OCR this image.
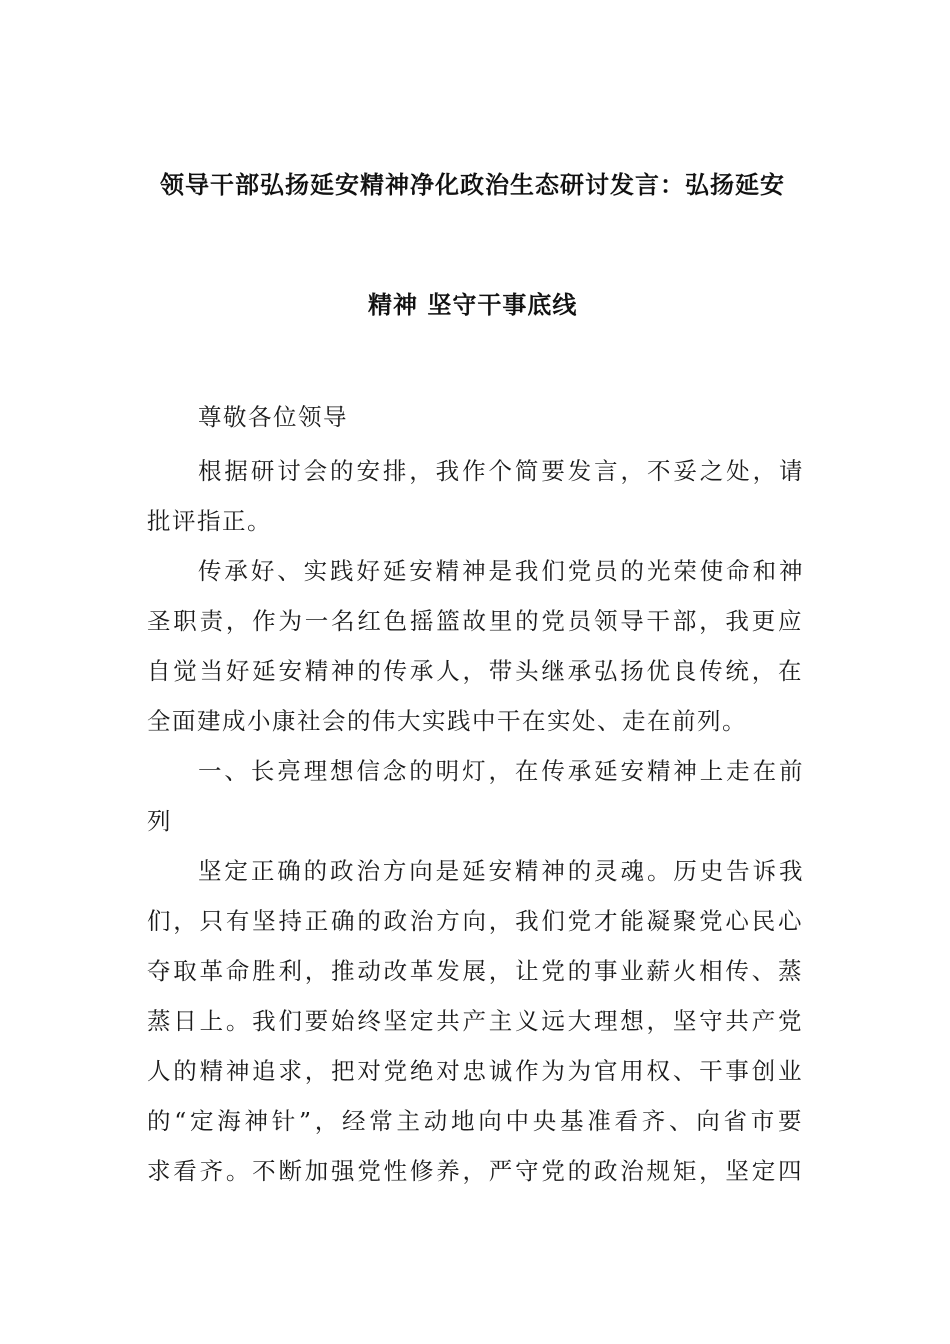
领导干部弘扬延安精神净化政治生态研讨发言：弘扬延安
精神 坚守干事底线
尊敬各位领导
根据研讨会的安排，我作个简要发言，不妥之处，请
批评指正。
传承好、实践好延安精神是我们党员的光荣使命和神
圣职责，作为一名红色摇篮故里的党员领导干部，我更应
自觉当好延安精神的传承人，带头继承弘扬优良传统，在
全面建成小康社会的伟大实践中干在实处、走在前列。
一、长亮理想信念的明灯，在传承延安精神上走在前
列
坚定正确的政治方向是延安精神的灵魂。历史告诉我
们，只有坚持正确的政治方向，我们党才能凝聚党心民心
夺取革命胜利，推动改革发展，让党的事业薪火相传、蒸
蒸日上。我们要始终坚定共产主义远大理想，坚守共产党
人的精神追求，把对党绝对忠诚作为为官用权、干事创业
的“定海神针”，经常主动地向中央基准看齐、向省市要
求看齐。不断加强党性修养，严守党的政治规矩，坚定四
